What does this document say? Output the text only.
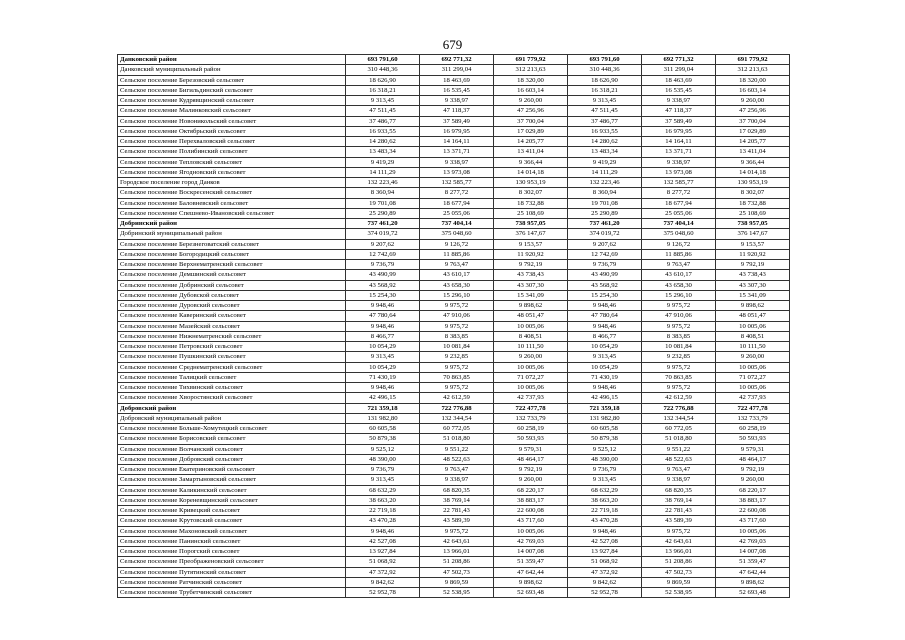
679
Данковский район	693 791,60	692 771,32	691 779,92	693 791,60	692 771,32	691 779,92
Данковский муниципальный район	310 448,36	311 299,04	312 213,63	310 448,36	311 299,04	312 213,63
Сельское поселение Березовский сельсовет	18 626,90	18 463,69	18 320,00	18 626,90	18 463,69	18 320,00
Сельское поселение Бигильдинский сельсовет	16 318,21	16 535,45	16 603,14	16 318,21	16 535,45	16 603,14
Сельское поселение Кудрявщинский сельсовет	9 313,45	9 338,97	9 260,00	9 313,45	9 338,97	9 260,00
Сельское поселение Малинковский сельсовет	47 511,45	47 118,37	47 256,96	47 511,45	47 118,37	47 256,96
Сельское поселение Новоникольский сельсовет	37 486,77	37 589,49	37 700,04	37 486,77	37 589,49	37 700,04
Сельское поселение Октябрьский сельсовет	16 933,55	16 979,95	17 029,89	16 933,55	16 979,95	17 029,89
Сельское поселение Перехваловский сельсовет	14 280,62	14 164,11	14 205,77	14 280,62	14 164,11	14 205,77
Сельское поселение Полибинский сельсовет	13 483,34	13 371,71	13 411,04	13 483,34	13 371,71	13 411,04
Сельское поселение Тепловский сельсовет	9 419,29	9 338,97	9 366,44	9 419,29	9 338,97	9 366,44
Сельское поселение Ягодновский сельсовет	14 111,29	13 973,08	14 014,18	14 111,29	13 973,08	14 014,18
Городское поселение город Данков	132 223,46	132 585,77	130 953,19	132 223,46	132 585,77	130 953,19
Сельское поселение Воскресенский сельсовет	8 360,94	8 277,72	8 302,07	8 360,94	8 277,72	8 302,07
Сельское поселение Баловневский сельсовет	19 701,08	18 677,94	18 732,88	19 701,08	18 677,94	18 732,88
Сельское поселение Спешнево-Ивановский сельсовет	25 290,89	25 055,06	25 108,69	25 290,89	25 055,06	25 108,69
Добринский район	737 461,20	737 404,14	738 957,05	737 461,20	737 404,14	738 957,05
Добринский муниципальный район	374 019,72	375 048,60	376 147,67	374 019,72	375 048,60	376 147,67
Сельское поселение Березнеговатский сельсовет	9 207,62	9 126,72	9 153,57	9 207,62	9 126,72	9 153,57
Сельское поселение Богородицкий сельсовет	12 742,69	11 885,86	11 920,92	12 742,69	11 885,86	11 920,92
Сельское поселение Верхнематренский сельсовет	9 736,79	9 763,47	9 792,19	9 736,79	9 763,47	9 792,19
Сельское поселение Демшинский сельсовет	43 490,99	43 610,17	43 738,43	43 490,99	43 610,17	43 738,43
Сельское поселение Добринский сельсовет	43 568,92	43 658,30	43 307,30	43 568,92	43 658,30	43 307,30
Сельское поселение Дубовской сельсовет	15 254,30	15 296,10	15 341,09	15 254,30	15 296,10	15 341,09
Сельское поселение Дуровский сельсовет	9 948,46	9 975,72	9 898,62	9 948,46	9 975,72	9 898,62
Сельское поселение Каверинский сельсовет	47 780,64	47 910,06	48 051,47	47 780,64	47 910,06	48 051,47
Сельское поселение Мазейский сельсовет	9 948,46	9 975,72	10 005,06	9 948,46	9 975,72	10 005,06
Сельское поселение Нижнематренский сельсовет	8 466,77	8 383,85	8 408,51	8 466,77	8 383,85	8 408,51
Сельское поселение Петровский сельсовет	10 054,29	10 081,84	10 111,50	10 054,29	10 081,84	10 111,50
Сельское поселение Пушкинский сельсовет	9 313,45	9 232,85	9 260,00	9 313,45	9 232,85	9 260,00
Сельское поселение Среднематренский сельсовет	10 054,29	9 975,72	10 005,06	10 054,29	9 975,72	10 005,06
Сельское поселение Талицкий сельсовет	71 430,19	70 863,85	71 072,27	71 430,19	70 863,85	71 072,27
Сельское поселение Тихвинский сельсовет	9 948,46	9 975,72	10 005,06	9 948,46	9 975,72	10 005,06
Сельское поселение Хворостянский сельсовет	42 496,15	42 612,59	42 737,93	42 496,15	42 612,59	42 737,93
Добровский район	721 359,18	722 776,88	722 477,78	721 359,18	722 776,88	722 477,78
Добровский муниципальный район	131 982,80	132 344,54	132 733,79	131 982,80	132 344,54	132 733,79
Сельское поселение Больше-Хомутецкий сельсовет	60 605,58	60 772,05	60 258,19	60 605,58	60 772,05	60 258,19
Сельское поселение Борисовский сельсовет	50 879,38	51 018,80	50 593,93	50 879,38	51 018,80	50 593,93
Сельское поселение Волчанский сельсовет	9 525,12	9 551,22	9 579,31	9 525,12	9 551,22	9 579,31
Сельское поселение Добровский сельсовет	48 390,00	48 522,63	48 464,17	48 390,00	48 522,63	48 464,17
Сельское поселение Екатериновский сельсовет	9 736,79	9 763,47	9 792,19	9 736,79	9 763,47	9 792,19
Сельское поселение Замартыновский сельсовет	9 313,45	9 338,97	9 260,00	9 313,45	9 338,97	9 260,00
Сельское поселение Каликинский сельсовет	68 632,29	68 820,35	68 220,17	68 632,29	68 820,35	68 220,17
Сельское поселение Кореневщинский сельсовет	38 663,20	38 769,14	38 883,17	38 663,20	38 769,14	38 883,17
Сельское поселение Кривецкий сельсовет	22 719,18	22 781,43	22 600,08	22 719,18	22 781,43	22 600,08
Сельское поселение Крутовский сельсовет	43 470,28	43 589,39	43 717,60	43 470,28	43 589,39	43 717,60
Сельское поселение Махоновский сельсовет	9 948,46	9 975,72	10 005,06	9 948,46	9 975,72	10 005,06
Сельское поселение Панинский сельсовет	42 527,08	42 643,61	42 769,03	42 527,08	42 643,61	42 769,03
Сельское поселение Порогский сельсовет	13 927,84	13 966,01	14 007,08	13 927,84	13 966,01	14 007,08
Сельское поселение Преображеновский сельсовет	51 068,92	51 208,86	51 359,47	51 068,92	51 208,86	51 359,47
Сельское поселение Путятинский сельсовет	47 372,92	47 502,73	47 642,44	47 372,92	47 502,73	47 642,44
Сельское поселение Ратчинский сельсовет	9 842,62	9 869,59	9 898,62	9 842,62	9 869,59	9 898,62
Сельское поселение Трубетчинский сельсовет	52 952,78	52 538,95	52 693,48	52 952,78	52 538,95	52 693,48
